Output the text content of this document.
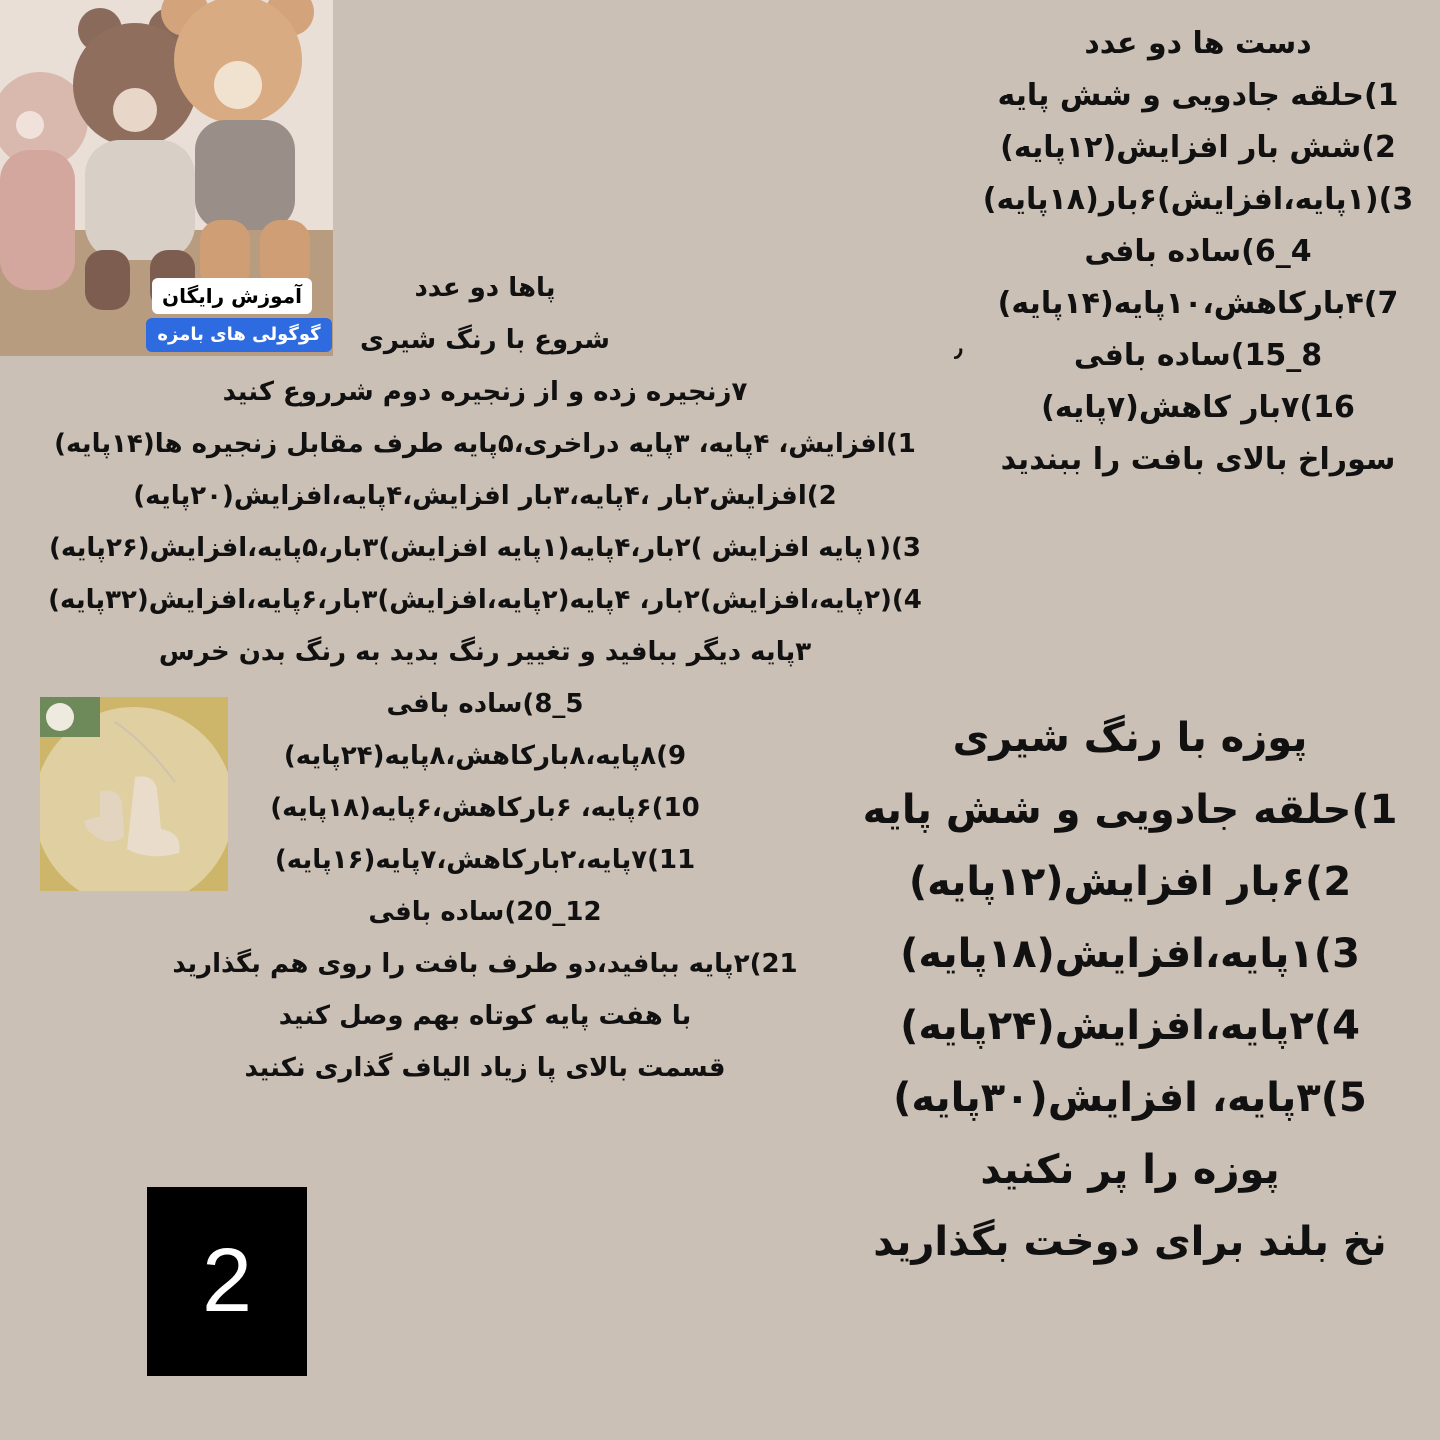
آموزش رایگان
گوگولی های بامزه
دست ها دو عدد
1)حلقه جادویی و شش پایه
2)شش بار افزایش(۱۲پایه)
3)(۱پایه،افزایش)۶بار(۱۸پایه)
4_6)ساده بافی
7)۴بارکاهش،۱۰پایه(۱۴پایه)
8_15)ساده بافی
16)۷بار کاهش(۷پایه)
سوراخ بالای بافت را ببندید
٫
پاها دو عدد
شروع با رنگ شیری
۷زنجیره زده و از زنجیره دوم شرروع کنید
1)افزایش، ۴پایه، ۳پایه دراخری،۵پایه طرف مقابل زنجیره ها(۱۴پایه)
2)افزایش۲بار ،۴پایه،۳بار افزایش،۴پایه،افزایش(۲۰پایه)
3)(۱پایه افزایش )۲بار،۴پایه(۱پایه افزایش)۳بار،۵پایه،افزایش(۲۶پایه)
4)(۲پایه،افزایش)۲بار، ۴پایه(۲پایه،افزایش)۳بار،۶پایه،افزایش(۳۲پایه)
۳پایه دیگر ببافید و تغییر رنگ بدید به رنگ بدن خرس
5_8)ساده بافی
9)۸پایه،۸بارکاهش،۸پایه(۲۴پایه)
10)۶پایه، ۶بارکاهش،۶پایه(۱۸پایه)
11)۷پایه،۲بارکاهش،۷پایه(۱۶پایه)
12_20)ساده بافی
21)۲پایه ببافید،دو طرف بافت را روی هم بگذارید
با هفت پایه کوتاه بهم وصل کنید
قسمت بالای پا زیاد الیاف گذاری نکنید
پوزه با رنگ شیری
1)حلقه جادویی و شش پایه
2)۶بار افزایش(۱۲پایه)
3)۱پایه،افزایش(۱۸پایه)
4)۲پایه،افزایش(۲۴پایه)
5)۳پایه، افزایش(۳۰پایه)
پوزه را پر نکنید
نخ بلند برای دوخت بگذارید
2
